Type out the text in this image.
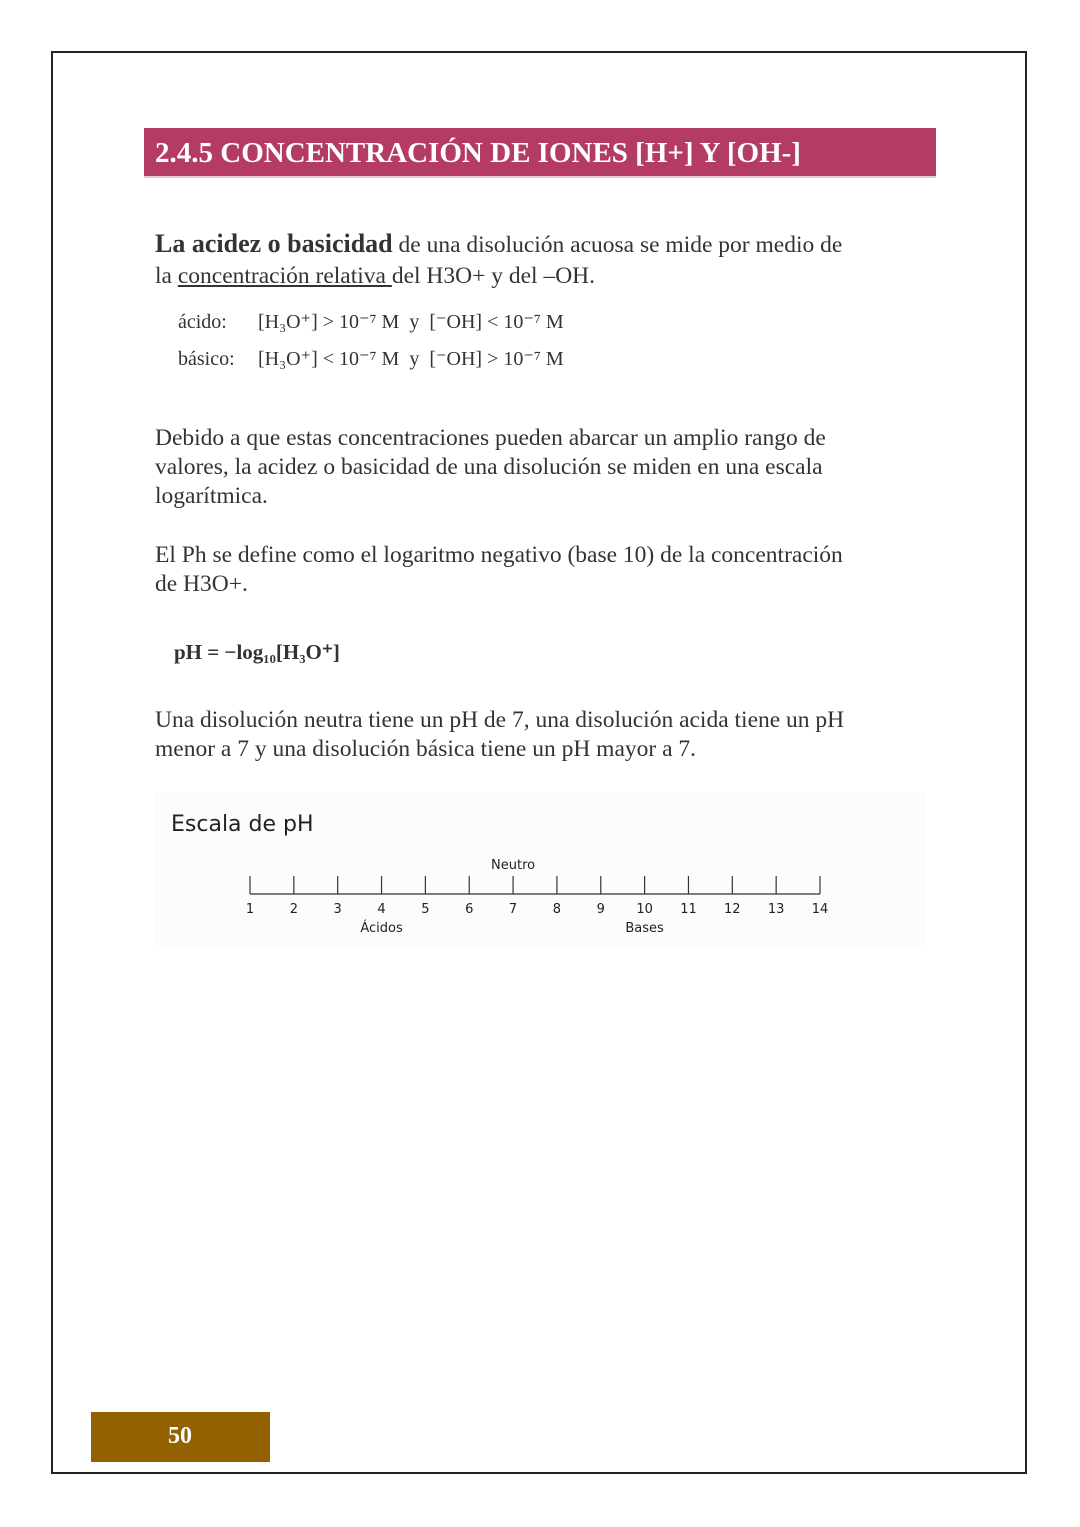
2.4.5 CONCENTRACIÓN DE IONES [H+] Y [OH-]
La acidez o basicidad de una disolución acuosa se mide por medio de
la concentración relativa del H3O+ y del –OH.
ácido: [H₃O⁺] > 10⁻⁷ M y [⁻OH] < 10⁻⁷ M
básico: [H₃O⁺] < 10⁻⁷ M y [⁻OH] > 10⁻⁷ M
Debido a que estas concentraciones pueden abarcar un amplio rango de
valores, la acidez o basicidad de una disolución se miden en una escala
logarítmica.
El Ph se define como el logaritmo negativo (base 10) de la concentración
de H3O+.
pH = −log₁₀[H₃O⁺]
Una disolución neutra tiene un pH de 7, una disolución acida tiene un pH
menor a 7 y una disolución básica tiene un pH mayor a 7.
Escala de pH
1	2	3	4	5	6	7	8	9 10 11 12 13 14
Neutro
Ácidos	Bases
50
